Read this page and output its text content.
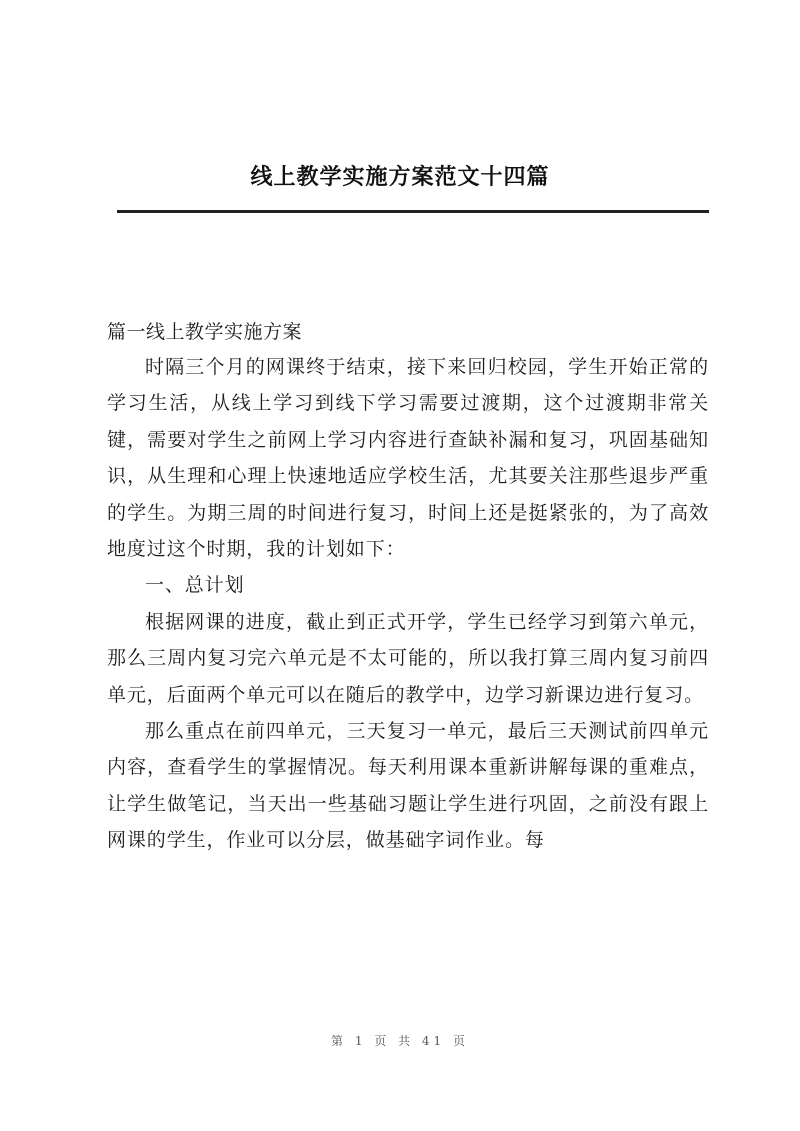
线上教学实施方案范文十四篇
篇一线上教学实施方案

时隔三个月的网课终于结束，接下来回归校园，学生开始正常的学习生活，从线上学习到线下学习需要过渡期，这个过渡期非常关键，需要对学生之前网上学习内容进行查缺补漏和复习，巩固基础知识，从生理和心理上快速地适应学校生活，尤其要关注那些退步严重的学生。为期三周的时间进行复习，时间上还是挺紧张的，为了高效地度过这个时期，我的计划如下：

一、总计划

根据网课的进度，截止到正式开学，学生已经学习到第六单元，那么三周内复习完六单元是不太可能的，所以我打算三周内复习前四单元，后面两个单元可以在随后的教学中，边学习新课边进行复习。

那么重点在前四单元，三天复习一单元，最后三天测试前四单元内容，查看学生的掌握情况。每天利用课本重新讲解每课的重难点，让学生做笔记，当天出一些基础习题让学生进行巩固，之前没有跟上网课的学生，作业可以分层，做基础字词作业。每

第 1 页 共 41 页
